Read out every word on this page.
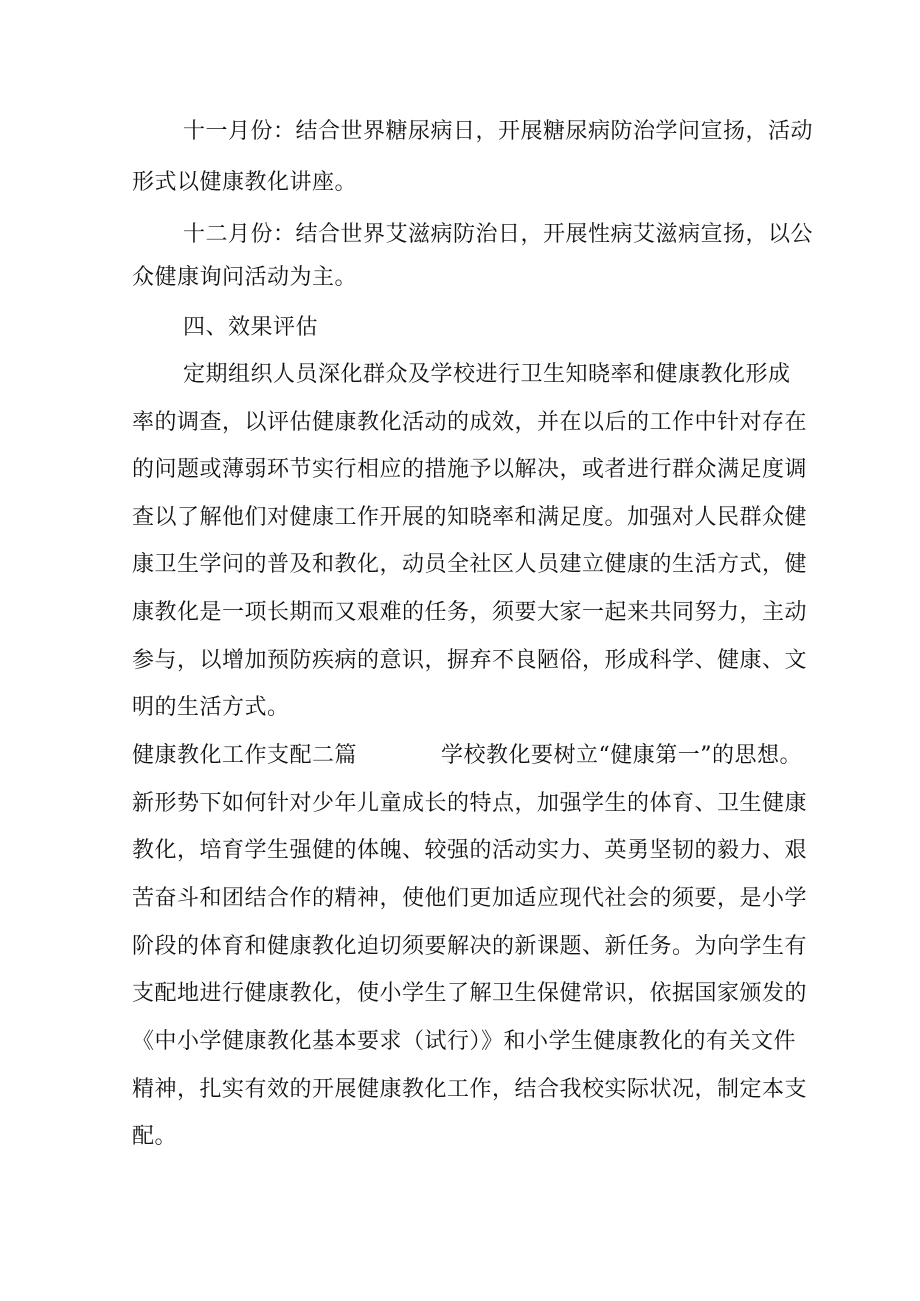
十一月份：结合世界糖尿病日，开展糖尿病防治学问宣扬，活动
形式以健康教化讲座。
十二月份：结合世界艾滋病防治日，开展性病艾滋病宣扬，以公
众健康询问活动为主。
四、效果评估
定期组织人员深化群众及学校进行卫生知晓率和健康教化形成
率的调查，以评估健康教化活动的成效，并在以后的工作中针对存在
的问题或薄弱环节实行相应的措施予以解决，或者进行群众满足度调
查以了解他们对健康工作开展的知晓率和满足度。加强对人民群众健
康卫生学问的普及和教化，动员全社区人员建立健康的生活方式，健
康教化是一项长期而又艰难的任务，须要大家一起来共同努力，主动
参与，以增加预防疾病的意识，摒弃不良陋俗，形成科学、健康、文
明的生活方式。
健康教化工作支配二篇	学校教化要树立“健康第一”的思想。
新形势下如何针对少年儿童成长的特点，加强学生的体育、卫生健康
教化，培育学生强健的体魄、较强的活动实力、英勇坚韧的毅力、艰
苦奋斗和团结合作的精神，使他们更加适应现代社会的须要，是小学
阶段的体育和健康教化迫切须要解决的新课题、新任务。为向学生有
支配地进行健康教化，使小学生了解卫生保健常识，依据国家颁发的
《中小学健康教化基本要求（试行）》和小学生健康教化的有关文件
精神，扎实有效的开展健康教化工作，结合我校实际状况，制定本支
配。
